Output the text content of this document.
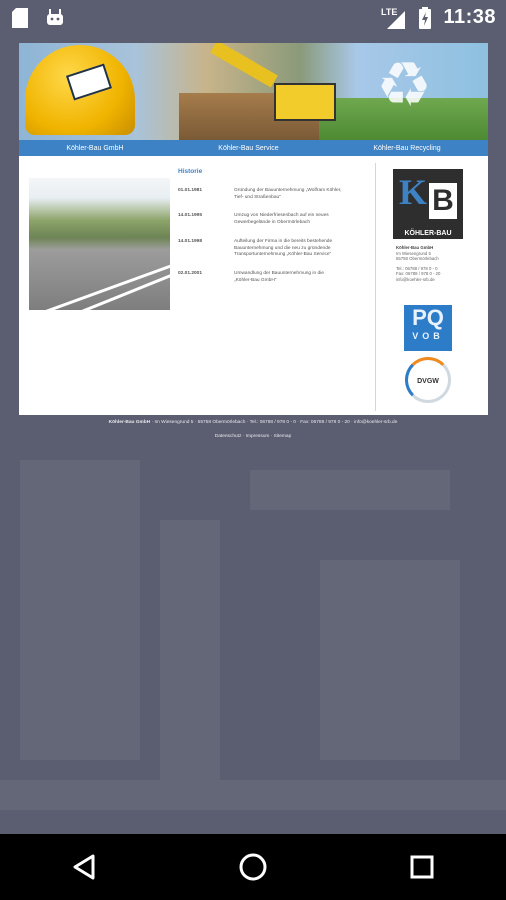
LTE 11:38
♻
Köhler-Bau GmbH	Köhler-Bau Service	Köhler-Bau Recycling
Historie
01.01.1981	Gründung der Bauunternehmung „Wolfram Köhler, Tief- und Straßenbau"
14.01.1995	Umzug von Niederfriesenbach auf ein neues Gewerbegelände in Obermörlebach
14.01.1998	Aufteilung der Firma in die bereits bestehende Bauunternehmung und die neu zu gründende Transportunternehmung „Köhler-Bau Service"
02.01.2001	Umwandlung der Bauunternehmung in die „Köhler-Bau GmbH"
K B
KÖHLER-BAU
Köhler-Bau GmbH
Im Wiesengrund 5
55758 Obermörlebach
Tel.: 06788 / 978 0 - 0
Fax: 06788 / 978 0 - 20
info@koehler-srb.de
PQ
VOB
DVGW
Köhler-Bau GmbH · Im Wiesengrund 5 · 55758 Obermörlebach · Tel.: 06788 / 978 0 - 0 · Fax: 06788 / 978 0 - 20 · info@koehler-srb.de
Datenschutz · Impressum · Sitemap
